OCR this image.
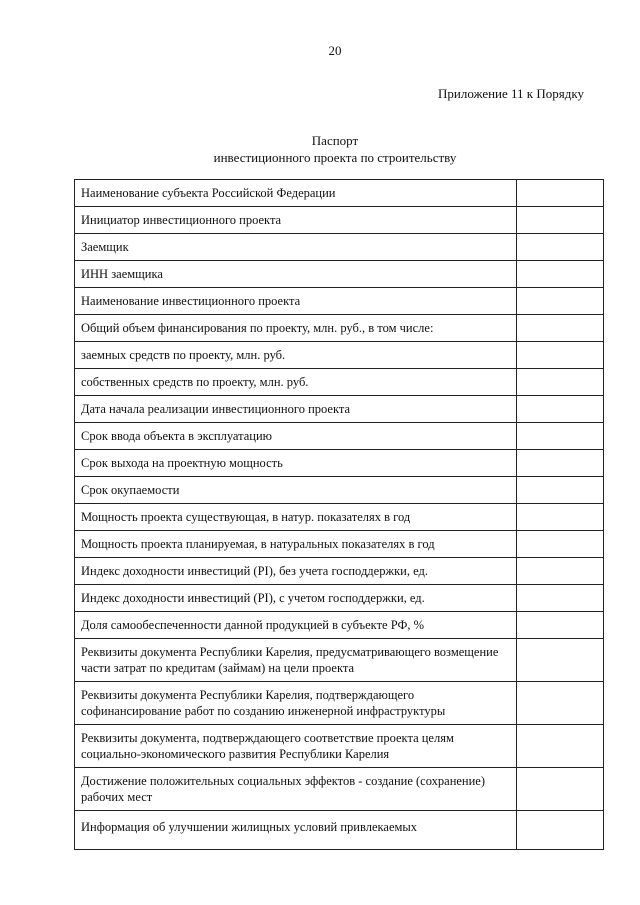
20
Приложение 11 к Порядку
Паспорт
инвестиционного проекта по строительству
Наименование субъекта Российской Федерации	

Инициатор инвестиционного проекта	

Заемщик	

ИНН заемщика	

Наименование инвестиционного проекта	

Общий объем финансирования по проекту, млн. руб., в том числе:	

заемных средств по проекту, млн. руб.	

собственных средств по проекту, млн. руб.	

Дата начала реализации инвестиционного проекта	

Срок ввода объекта в эксплуатацию	

Срок выхода на проектную мощность	

Срок окупаемости	

Мощность проекта существующая, в натур. показателях в год	

Мощность проекта планируемая, в натуральных показателях в год	

Индекс доходности инвестиций (PI), без учета господдержки, ед.	

Индекс доходности инвестиций (PI), с учетом господдержки, ед.	

Доля самообеспеченности данной продукцией в субъекте РФ, %	

Реквизиты документа Республики Карелия, предусматривающего возмещение части затрат по кредитам (займам) на цели проекта	

Реквизиты документа Республики Карелия, подтверждающего софинансирование работ по созданию инженерной инфраструктуры	

Реквизиты документа, подтверждающего соответствие проекта целям социально-экономического развития Республики Карелия	

Достижение положительных социальных эффектов - создание (сохранение) рабочих мест	

Информация об улучшении жилищных условий привлекаемых	
